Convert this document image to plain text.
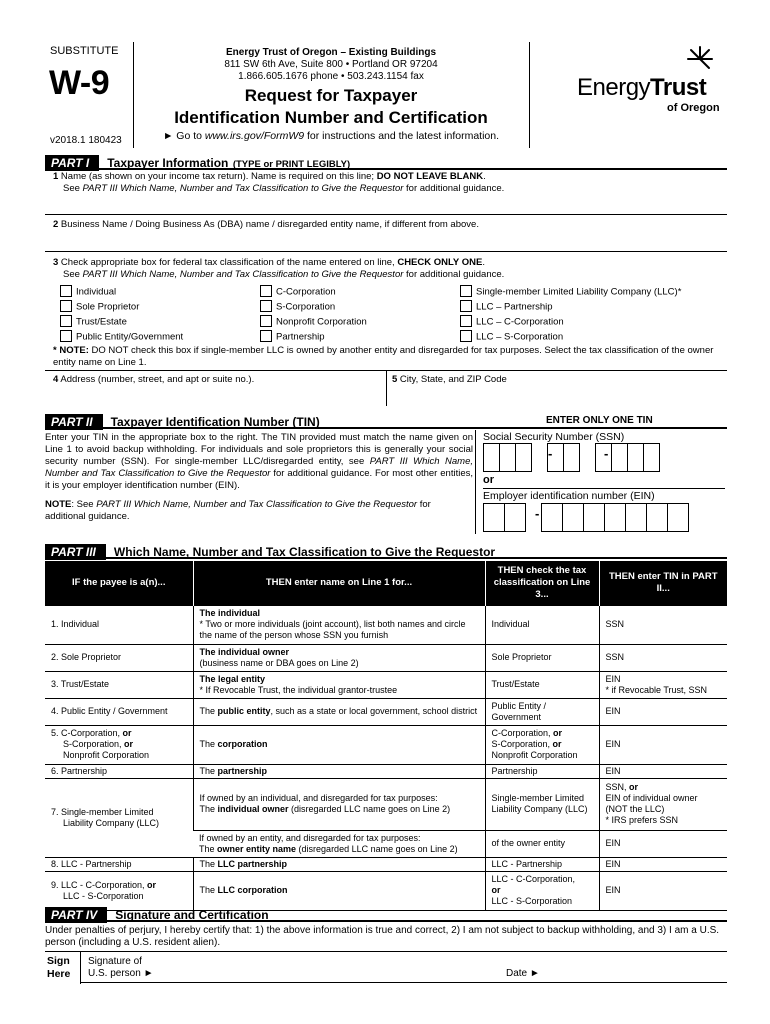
SUBSTITUTE
W-9
v2018.1 180423
Energy Trust of Oregon – Existing Buildings
811 SW 6th Ave, Suite 800 • Portland OR 97204
1.866.605.1676 phone • 503.243.1154 fax
Request for Taxpayer
Identification Number and Certification
► Go to www.irs.gov/FormW9 for instructions and the latest information.
EnergyTrust
of Oregon
PART I Taxpayer Information (TYPE or PRINT LEGIBLY)
1 Name (as shown on your income tax return). Name is required on this line; DO NOT LEAVE BLANK.
See PART III Which Name, Number and Tax Classification to Give the Requestor for additional guidance.
2 Business Name / Doing Business As (DBA) name / disregarded entity name, if different from above.
3 Check appropriate box for federal tax classification of the name entered on line, CHECK ONLY ONE.
See PART III Which Name, Number and Tax Classification to Give the Requestor for additional guidance.
Individual
Sole Proprietor
Trust/Estate
Public Entity/Government
C-Corporation
S-Corporation
Nonprofit Corporation
Partnership
Single-member Limited Liability Company (LLC)*
LLC – Partnership
LLC – C-Corporation
LLC – S-Corporation
* NOTE: DO NOT check this box if single-member LLC is owned by another entity and disregarded for tax purposes. Select the tax classification of the owner entity name on Line 1.
4 Address (number, street, and apt or suite no.).	5 City, State, and ZIP Code
PART II Taxpayer Identification Number (TIN)	ENTER ONLY ONE TIN
Enter your TIN in the appropriate box to the right. The TIN provided must match the name given on Line 1 to avoid backup withholding. For individuals and sole proprietors this is generally your social security number (SSN). For single-member LLC/disregarded entity, see PART III Which Name, Number and Tax Classification to Give the Requestor for additional guidance. For most other entities, it is your employer identification number (EIN).
NOTE: See PART III Which Name, Number and Tax Classification to Give the Requestor for additional guidance.
Social Security Number (SSN)

-	-
or
Employer identification number (EIN)

-
PART III Which Name, Number and Tax Classification to Give the Requestor
IF the payee is a(n)...	THEN enter name on Line 1 for...	THEN check the tax classification on Line 3...	THEN enter TIN in PART II...
1. Individual	The individual
* Two or more individuals (joint account), list both names and circle the name of the person whose SSN you furnish	Individual	SSN
2. Sole Proprietor	The individual owner
(business name or DBA goes on Line 2)	Sole Proprietor	SSN
3. Trust/Estate	The legal entity
* If Revocable Trust, the individual grantor-trustee	Trust/Estate	EIN
* if Revocable Trust, SSN
4. Public Entity / Government	The public entity, such as a state or local government, school district	Public Entity / Government	EIN
5. C-Corporation, or
S-Corporation, or
Nonprofit Corporation	The corporation	C-Corporation, or
S-Corporation, or
Nonprofit Corporation	EIN
6. Partnership	The partnership	Partnership	EIN
7. Single-member Limited
Liability Company (LLC)	If owned by an individual, and disregarded for tax purposes:
The individual owner (disregarded LLC name goes on Line 2)	Single-member Limited Liability Company (LLC)	SSN, or
EIN of individual owner (NOT the LLC)
* IRS prefers SSN
	If owned by an entity, and disregarded for tax purposes:
The owner entity name (disregarded LLC name goes on Line 2)	of the owner entity	EIN
8. LLC - Partnership	The LLC partnership	LLC - Partnership	EIN
9. LLC - C-Corporation, or
LLC - S-Corporation	The LLC corporation	LLC - C-Corporation,
or
LLC - S-Corporation	EIN
PART IV Signature and Certification
Under penalties of perjury, I hereby certify that: 1) the above information is true and correct, 2) I am not subject to backup withholding, and 3) I am a U.S. person (including a U.S. resident alien).
Sign
Here
Signature of
U.S. person ►	Date ►
